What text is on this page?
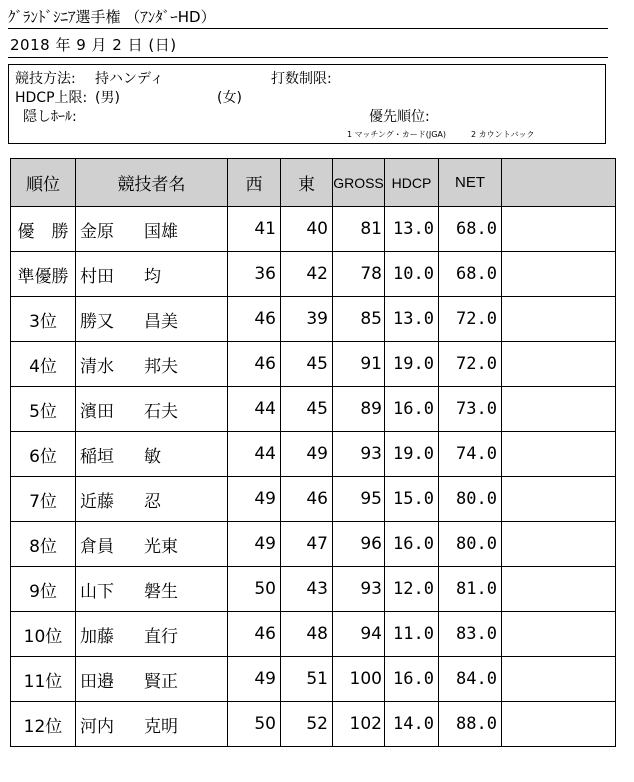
ｸﾞﾗﾝﾄﾞｼﾆｱ選手権 （ｱﾝﾀﾞｰHD）
2018 年 9 月 2 日 (日)
競技方法: 持ハンディ	打数制限:
HDCP上限: (男)	(女)
隠しﾎｰﾙ:	優先順位:
1 マッチング・カード(JGA)	2 カウントバック
順位	競技者名	西	東	GROSS	HDCP	NET	
優　勝	金原 国雄	41	40	81	13.0	68.0	
準優勝	村田 均	36	42	78	10.0	68.0	
3位	勝又 昌美	46	39	85	13.0	72.0	
4位	清水 邦夫	46	45	91	19.0	72.0	
5位	濱田 石夫	44	45	89	16.0	73.0	
6位	稲垣 敏	44	49	93	19.0	74.0	
7位	近藤 忍	49	46	95	15.0	80.0	
8位	倉員 光東	49	47	96	16.0	80.0	
9位	山下 磐生	50	43	93	12.0	81.0	
10位	加藤 直行	46	48	94	11.0	83.0	
11位	田邉 賢正	49	51	100	16.0	84.0	
12位	河内 克明	50	52	102	14.0	88.0	
